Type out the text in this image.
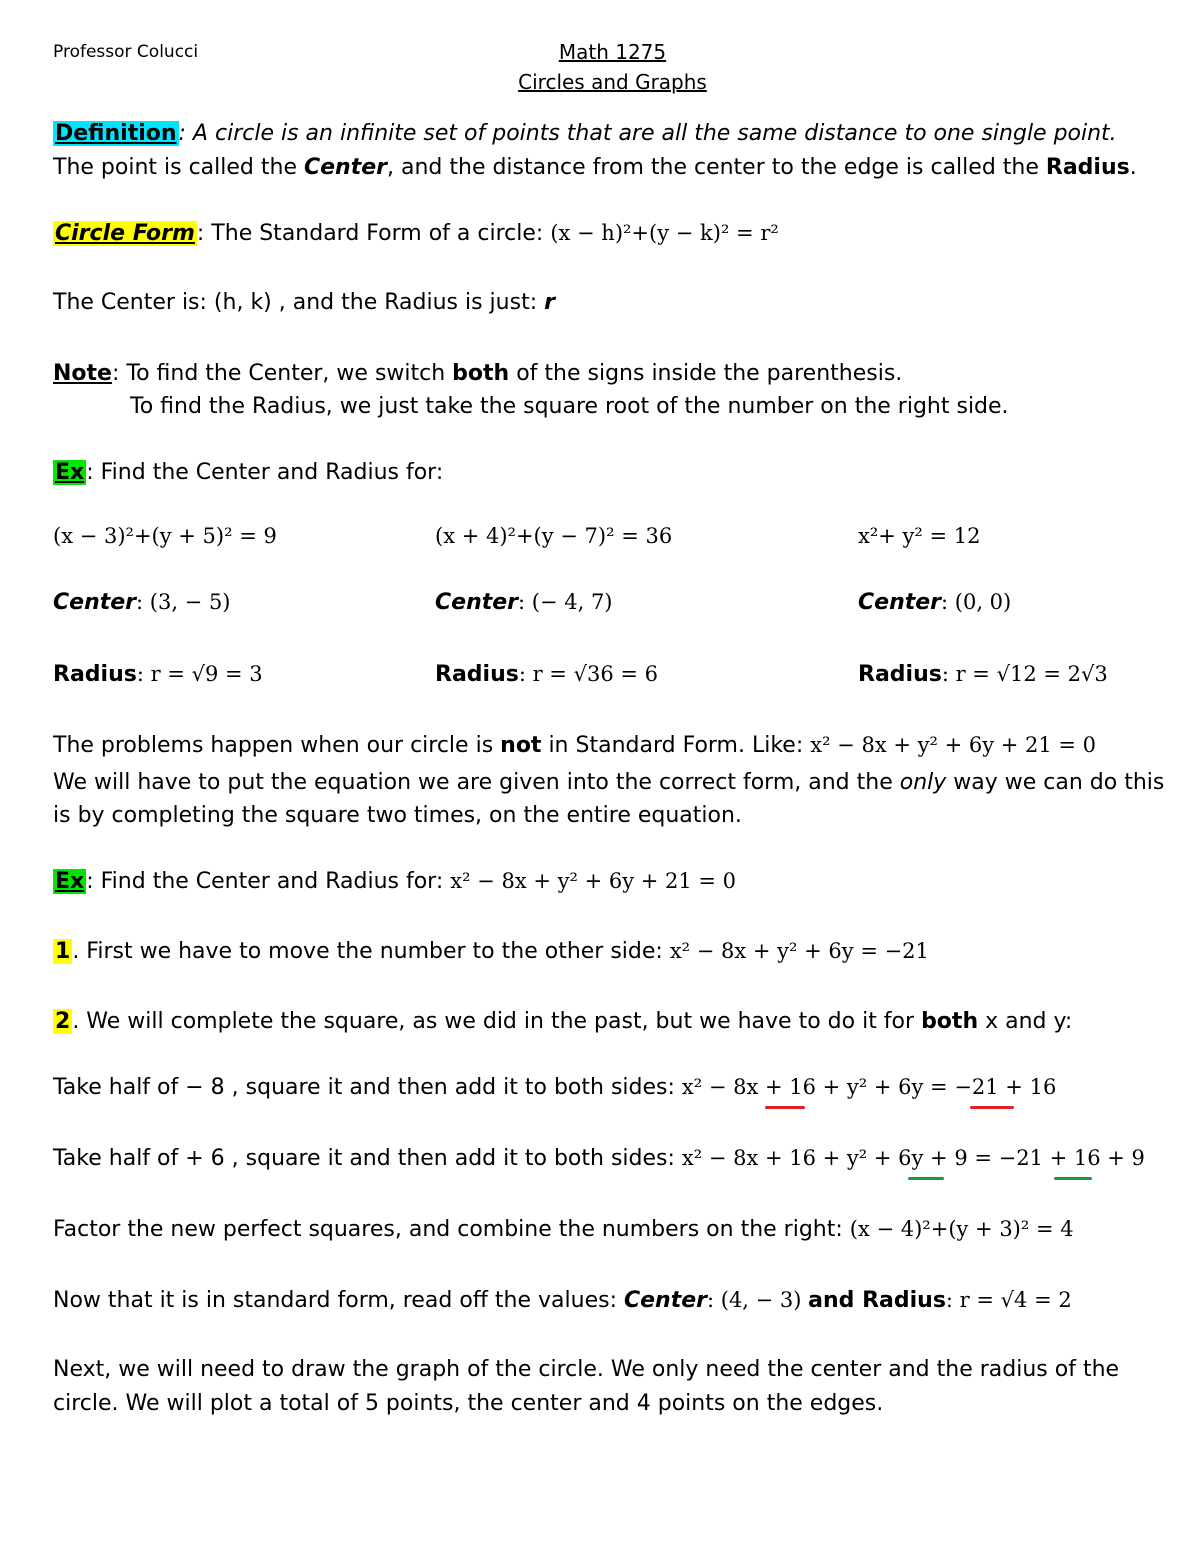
Professor Colucci	Math 1275
Circles and Graphs
Definition: A circle is an infinite set of points that are all the same distance to one single point.
The point is called the Center, and the distance from the center to the edge is called the Radius.
Circle Form: The Standard Form of a circle: (x − h)²+(y − k)² = r²
The Center is: (h, k) , and the Radius is just: r
Note: To find the Center, we switch both of the signs inside the parenthesis.
To find the Radius, we just take the square root of the number on the right side.
Ex: Find the Center and Radius for:
(x − 3)²+(y + 5)² = 9	(x + 4)²+(y − 7)² = 36	x²+ y² = 12
Center: (3, − 5)	Center: (− 4, 7)	Center: (0, 0)
Radius: r = √9 = 3	Radius: r = √36 = 6	Radius: r = √12 = 2√3
The problems happen when our circle is not in Standard Form. Like: x² − 8x + y² + 6y + 21 = 0
We will have to put the equation we are given into the correct form, and the only way we can do this
is by completing the square two times, on the entire equation.
Ex: Find the Center and Radius for: x² − 8x + y² + 6y + 21 = 0
1. First we have to move the number to the other side: x² − 8x + y² + 6y = −21
2. We will complete the square, as we did in the past, but we have to do it for both x and y:
Take half of − 8 , square it and then add it to both sides: x² − 8x + 16 + y² + 6y = −21 + 16
Take half of + 6 , square it and then add it to both sides: x² − 8x + 16 + y² + 6y + 9 = −21 + 16 + 9
Factor the new perfect squares, and combine the numbers on the right: (x − 4)²+(y + 3)² = 4
Now that it is in standard form, read off the values: Center: (4, − 3) and Radius: r = √4 = 2
Next, we will need to draw the graph of the circle. We only need the center and the radius of the
circle. We will plot a total of 5 points, the center and 4 points on the edges.
